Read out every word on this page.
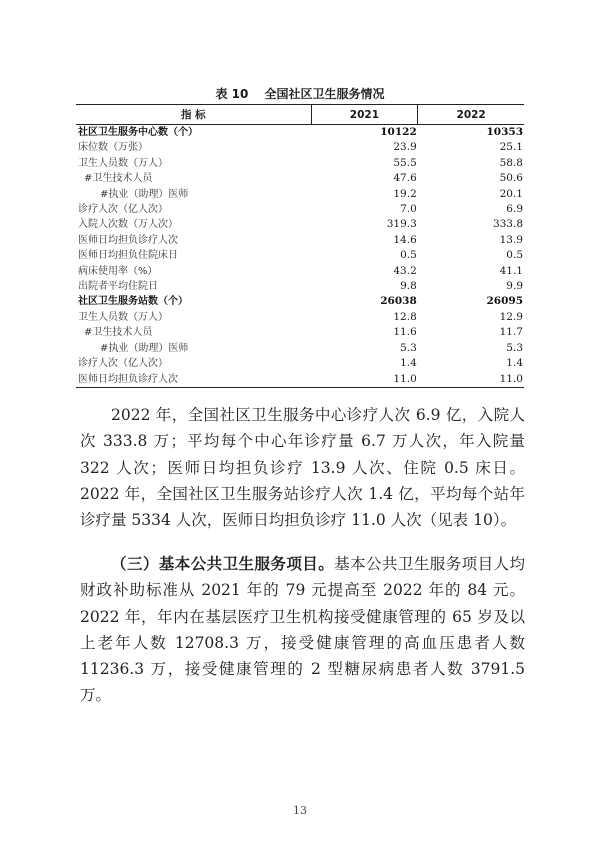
表 10 全国社区卫生服务情况
指 标	2021	2022
社区卫生服务中心数（个）	10122	10353
床位数（万张）	23.9	25.1
卫生人员数（万人）	55.5	58.8
#卫生技术人员	47.6	50.6
#执业（助理）医师	19.2	20.1
诊疗人次（亿人次）	7.0	6.9
入院人次数（万人次）	319.3	333.8
医师日均担负诊疗人次	14.6	13.9
医师日均担负住院床日	0.5	0.5
病床使用率（%）	43.2	41.1
出院者平均住院日	9.8	9.9
社区卫生服务站数（个）	26038	26095
卫生人员数（万人）	12.8	12.9
#卫生技术人员	11.6	11.7
#执业（助理）医师	5.3	5.3
诊疗人次（亿人次）	1.4	1.4
医师日均担负诊疗人次	11.0	11.0

2022 年，全国社区卫生服务中心诊疗人次 6.9 亿，入院人次 333.8 万；平均每个中心年诊疗量 6.7 万人次，年入院量 322 人次；医师日均担负诊疗 13.9 人次、住院 0.5 床日。2022 年，全国社区卫生服务站诊疗人次 1.4 亿，平均每个站年诊疗量 5334 人次，医师日均担负诊疗 11.0 人次（见表 10）。

（三）基本公共卫生服务项目。基本公共卫生服务项目人均财政补助标准从 2021 年的 79 元提高至 2022 年的 84 元。2022 年，年内在基层医疗卫生机构接受健康管理的 65 岁及以上老年人数 12708.3 万，接受健康管理的高血压患者人数 11236.3 万，接受健康管理的 2 型糖尿病患者人数 3791.5 万。

13
